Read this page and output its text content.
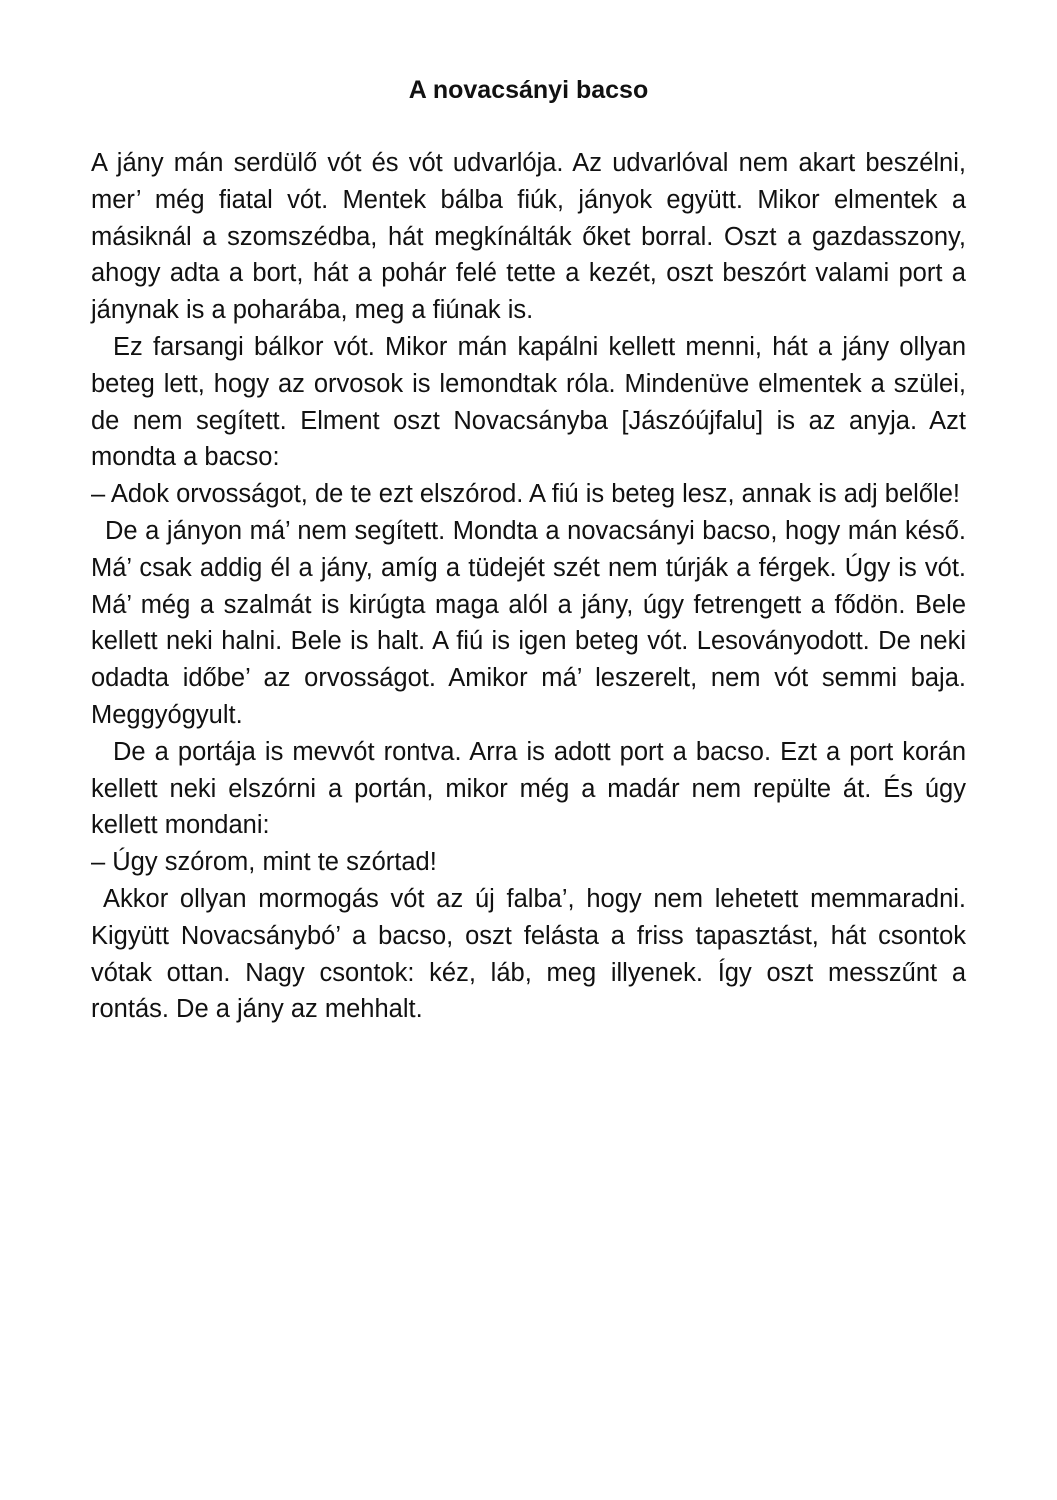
A novacsányi bacso

A jány mán serdülő vót és vót udvarlója. Az udvarlóval nem akart beszélni, mer’ még fiatal vót. Mentek bálba fiúk, jányok együtt. Mikor elmentek a másiknál a szomszédba, hát megkínálták őket borral. Oszt a gazdasszony, ahogy adta a bort, hát a pohár felé tette a kezét, oszt beszórt valami port a jánynak is a poharába, meg a fiúnak is.

Ez farsangi bálkor vót. Mikor mán kapálni kellett menni, hát a jány ollyan beteg lett, hogy az orvosok is lemondtak róla. Mindenüve elmentek a szülei, de nem segített. Elment oszt Novacsányba [Jászóújfalu] is az anyja. Azt mondta a bacso:

– Adok orvosságot, de te ezt elszórod. A fiú is beteg lesz, annak is adj belőle!

De a jányon má’ nem segített. Mondta a novacsányi bacso, hogy mán késő. Má’ csak addig él a jány, amíg a tüdejét szét nem túrják a férgek. Úgy is vót. Má’ még a szalmát is kirúgta maga alól a jány, úgy fetrengett a fődön. Bele kellett neki halni. Bele is halt. A fiú is igen beteg vót. Lesoványodott. De neki odadta időbe’ az orvosságot. Amikor má’ leszerelt, nem vót semmi baja. Meggyógyult.

De a portája is mevvót rontva. Arra is adott port a bacso. Ezt a port korán kellett neki elszórni a portán, mikor még a madár nem repülte át. És úgy kellett mondani:

– Úgy szórom, mint te szórtad!

Akkor ollyan mormogás vót az új falba’, hogy nem lehetett memmaradni. Kigyütt Novacsánybó’ a bacso, oszt felásta a friss tapasztást, hát csontok vótak ottan. Nagy csontok: kéz, láb, meg illyenek. Így oszt messzűnt a rontás. De a jány az mehhalt.
